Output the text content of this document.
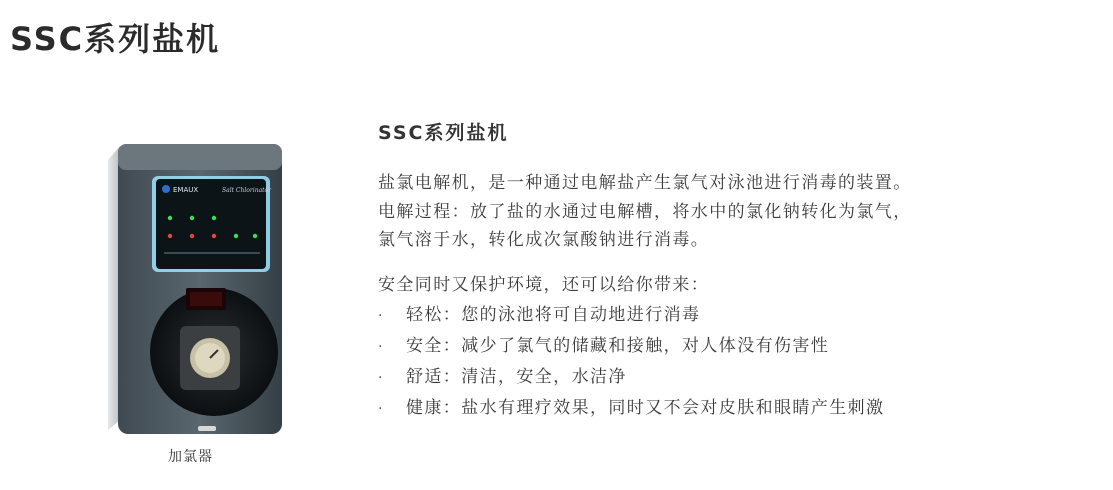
SSC系列盐机
EMAUX	Salt Chlorinator
加氯器
SSC系列盐机

盐氯电解机，是一种通过电解盐产生氯气对泳池进行消毒的装置。

电解过程：放了盐的水通过电解槽，将水中的氯化钠转化为氯气，

氯气溶于水，转化成次氯酸钠进行消毒。

安全同时又保护环境，还可以给你带来：

·	轻松：您的泳池将可自动地进行消毒
·	安全：减少了氯气的储藏和接触，对人体没有伤害性
·	舒适：清洁，安全，水洁净
·	健康：盐水有理疗效果，同时又不会对皮肤和眼睛产生刺激
